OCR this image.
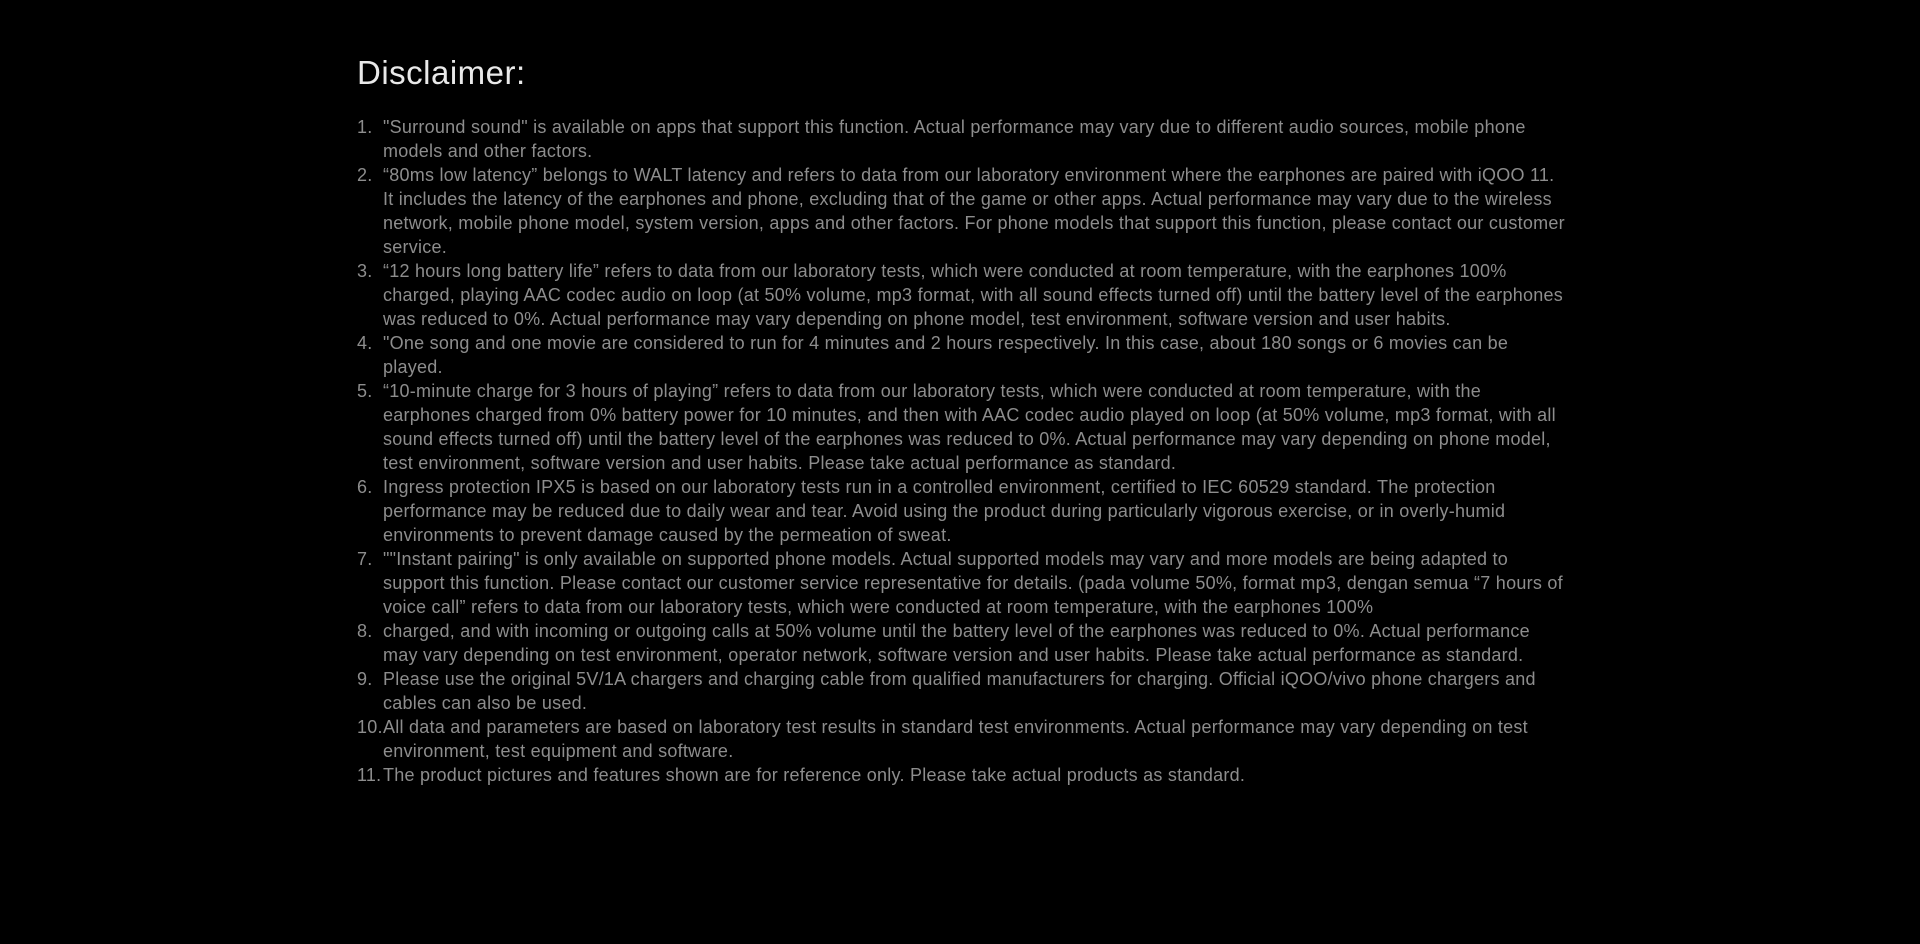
Disclaimer:
1. "Surround sound" is available on apps that support this function. Actual performance may vary due to different audio sources, mobile phone models and other factors.
2. “80ms low latency” belongs to WALT latency and refers to data from our laboratory environment where the earphones are paired with iQOO 11. It includes the latency of the earphones and phone, excluding that of the game or other apps. Actual performance may vary due to the wireless network, mobile phone model, system version, apps and other factors. For phone models that support this function, please contact our customer service.
3. “12 hours long battery life” refers to data from our laboratory tests, which were conducted at room temperature, with the earphones 100% charged, playing AAC codec audio on loop (at 50% volume, mp3 format, with all sound effects turned off) until the battery level of the earphones was reduced to 0%. Actual performance may vary depending on phone model, test environment, software version and user habits.
4. "One song and one movie are considered to run for 4 minutes and 2 hours respectively. In this case, about 180 songs or 6 movies can be played.
5. “10-minute charge for 3 hours of playing” refers to data from our laboratory tests, which were conducted at room temperature, with the earphones charged from 0% battery power for 10 minutes, and then with AAC codec audio played on loop (at 50% volume, mp3 format, with all sound effects turned off) until the battery level of the earphones was reduced to 0%. Actual performance may vary depending on phone model, test environment, software version and user habits. Please take actual performance as standard.
6. Ingress protection IPX5 is based on our laboratory tests run in a controlled environment, certified to IEC 60529 standard. The protection performance may be reduced due to daily wear and tear. Avoid using the product during particularly vigorous exercise, or in overly-humid environments to prevent damage caused by the permeation of sweat.
7. ""Instant pairing" is only available on supported phone models. Actual supported models may vary and more models are being adapted to support this function. Please contact our customer service representative for details. (pada volume 50%, format mp3, dengan semua “7 hours of voice call” refers to data from our laboratory tests, which were conducted at room temperature, with the earphones 100%
8. charged, and with incoming or outgoing calls at 50% volume until the battery level of the earphones was reduced to 0%. Actual performance may vary depending on test environment, operator network, software version and user habits. Please take actual performance as standard.
9. Please use the original 5V/1A chargers and charging cable from qualified manufacturers for charging. Official iQOO/vivo phone chargers and cables can also be used.
10. All data and parameters are based on laboratory test results in standard test environments. Actual performance may vary depending on test environment, test equipment and software.
11. The product pictures and features shown are for reference only. Please take actual products as standard.
